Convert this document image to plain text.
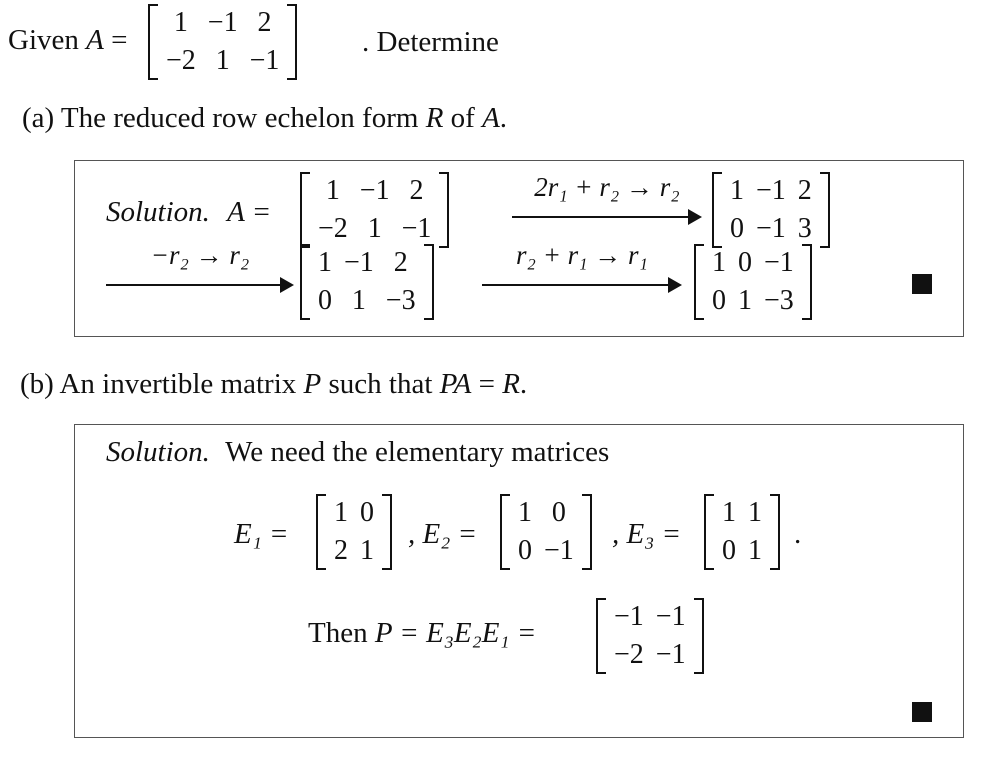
Given A =
1	−1	2
−2	1	−1
. Determine
(a) The reduced row echelon form R of A.
Solution. A =
1	−1	2
−2	1	−1
2r₁ + r₂ → r₂	1	−1	2
0	−1	3
−r₂ → r₂	1	−1	2
0	1	−3
r₂ + r₁ → r₁	1	0	−1
0	1	−3
(b) An invertible matrix P such that PA = R.
Solution. We need the elementary matrices
E₁ =
1	0
2	1
, E₂ =
1	0
0	−1
, E₃ =
1	1
0	1
.
Then P = E₃E₂E₁ =
−1	−1
−2	−1
